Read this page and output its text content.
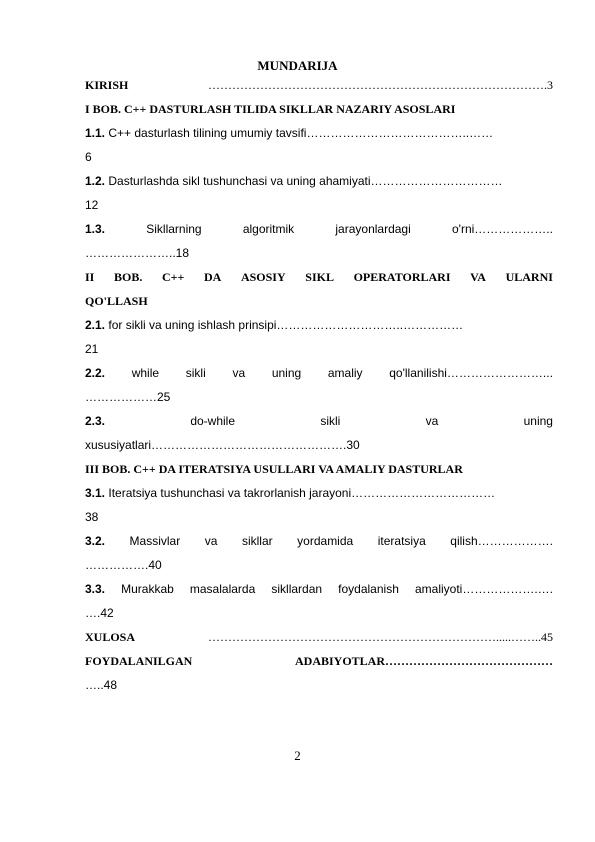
MUNDARIJA
KIRISH	………………………………………………………………………….3
I BOB. C++ DASTURLASH TILIDA SIKLLAR NAZARIY ASOSLARI
1.1. C++ dasturlash tilining umumiy tavsifi…………………………………..……
6
1.2. Dasturlashda sikl tushunchasi va uning ahamiyati……………………………
12
1.3.	Sikllarning	algoritmik	jarayonlardagi	o'rni………………..
…………………..18
II BOB. C++ DA ASOSIY SIKL OPERATORLARI VA ULARNI
QO'LLASH
2.1. for sikli va uning ishlash prinsipi…………………………..……………
21
2.2. while sikli va uning amaliy qo'llanilishi……………………...
………………25
2.3.	do-while	sikli	va	uning
xususiyatlari………………………………………….30
III BOB. C++ DA ITERATSIYA USULLARI VA AMALIY DASTURLAR
3.1. Iteratsiya tushunchasi va takrorlanish jarayoni………………………………
38
3.2. Massivlar va sikllar yordamida iteratsiya qilish……………….
…………….40
3.3. Murakkab masalalarda sikllardan foydalanish amaliyoti……………….….
….42
XULOSA	……………………………………………………………….....……..45
FOYDALANILGAN	ADABIYOTLAR……………………………………
…..48
2
